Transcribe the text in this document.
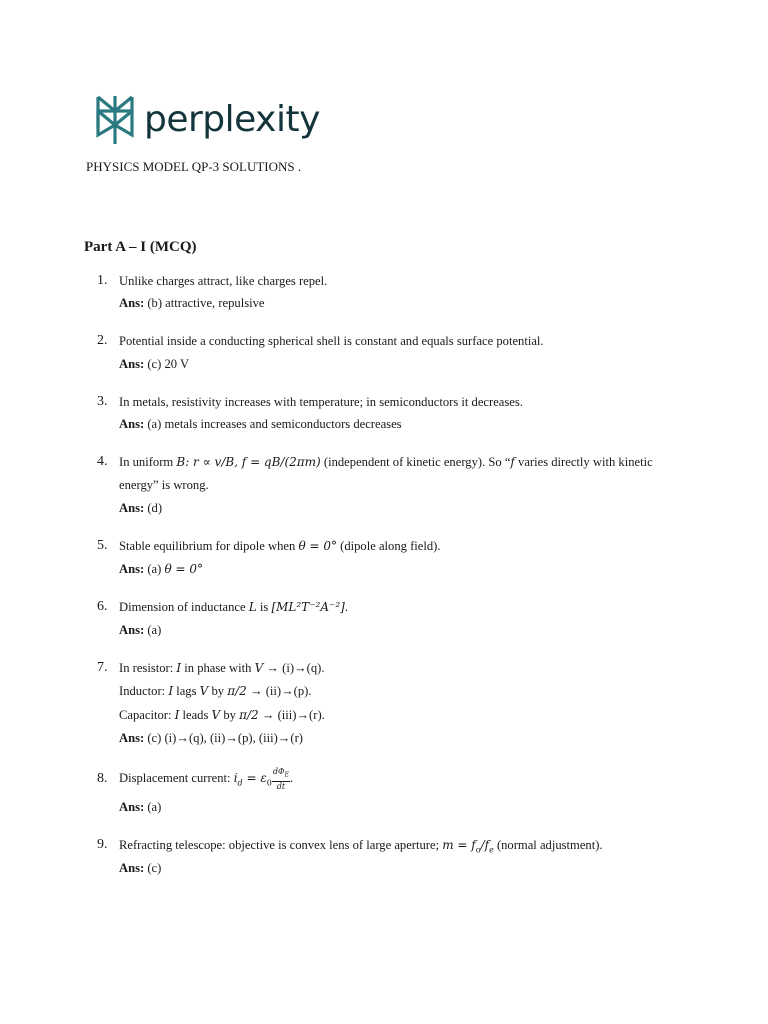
perplexity
PHYSICS MODEL QP-3 SOLUTIONS .
Part A – I (MCQ)
1. Unlike charges attract, like charges repel.
Ans: (b) attractive, repulsive
2. Potential inside a conducting spherical shell is constant and equals surface potential.
Ans: (c) 20 V
3. In metals, resistivity increases with temperature; in semiconductors it decreases.
Ans: (a) metals increases and semiconductors decreases
4. In uniform B: r ∝ v/B, f = qB/(2πm) (independent of kinetic energy). So “f varies directly with kinetic
energy” is wrong.
Ans: (d)
5. Stable equilibrium for dipole when θ = 0° (dipole along field).
Ans: (a) θ = 0°
6. Dimension of inductance L is [ML²T⁻²A⁻²].
Ans: (a)
7. In resistor: I in phase with V → (i)→(q).
Inductor: I lags V by π/2 → (ii)→(p).
Capacitor: I leads V by π/2 → (iii)→(r).
Ans: (c) (i)→(q), (ii)→(p), (iii)→(r)
8. Displacement current: $i_d = \varepsilon_0 \frac{d\Phi_E}{dt}$ .
Ans: (a)
9. Refracting telescope: objective is convex lens of large aperture; $m = f_o/f_e$ (normal adjustment).
Ans: (c)
